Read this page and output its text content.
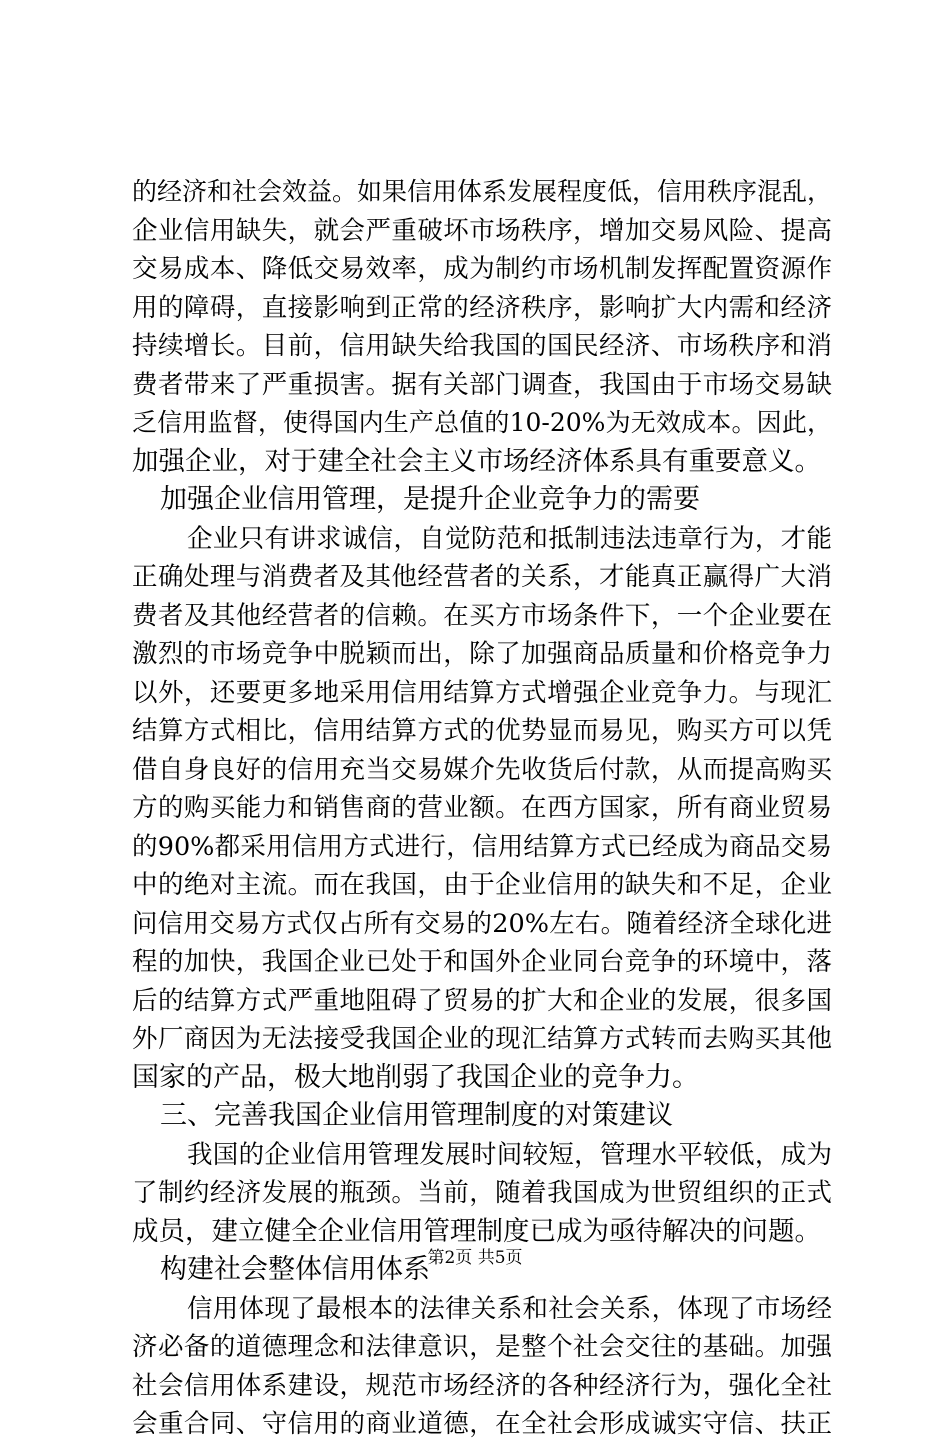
的经济和社会效益。如果信用体系发展程度低，信用秩序混乱，
企业信用缺失，就会严重破坏市场秩序，增加交易风险、提高
交易成本、降低交易效率，成为制约市场机制发挥配置资源作
用的障碍，直接影响到正常的经济秩序，影响扩大内需和经济
持续增长。目前，信用缺失给我国的国民经济、市场秩序和消
费者带来了严重损害。据有关部门调查，我国由于市场交易缺
乏信用监督，使得国内生产总值的10-20%为无效成本。因此，
加强企业，对于建全社会主义市场经济体系具有重要意义。
加强企业信用管理，是提升企业竞争力的需要
企业只有讲求诚信，自觉防范和抵制违法违章行为，才能
正确处理与消费者及其他经营者的关系，才能真正赢得广大消
费者及其他经营者的信赖。在买方市场条件下，一个企业要在
激烈的市场竞争中脱颖而出，除了加强商品质量和价格竞争力
以外，还要更多地采用信用结算方式增强企业竞争力。与现汇
结算方式相比，信用结算方式的优势显而易见，购买方可以凭
借自身良好的信用充当交易媒介先收货后付款，从而提高购买
方的购买能力和销售商的营业额。在西方国家，所有商业贸易
的90%都采用信用方式进行，信用结算方式已经成为商品交易
中的绝对主流。而在我国，由于企业信用的缺失和不足，企业
问信用交易方式仅占所有交易的20%左右。随着经济全球化进
程的加快，我国企业已处于和国外企业同台竞争的环境中，落
后的结算方式严重地阻碍了贸易的扩大和企业的发展，很多国
外厂商因为无法接受我国企业的现汇结算方式转而去购买其他
国家的产品，极大地削弱了我国企业的竞争力。
三、完善我国企业信用管理制度的对策建议
我国的企业信用管理发展时间较短，管理水平较低，成为
了制约经济发展的瓶颈。当前，随着我国成为世贸组织的正式
成员，建立健全企业信用管理制度已成为亟待解决的问题。
构建社会整体信用体系
信用体现了最根本的法律关系和社会关系，体现了市场经
济必备的道德理念和法律意识，是整个社会交往的基础。加强
社会信用体系建设，规范市场经济的各种经济行为，强化全社
会重合同、守信用的商业道德，在全社会形成诚实守信、扶正
第2页 共5页
